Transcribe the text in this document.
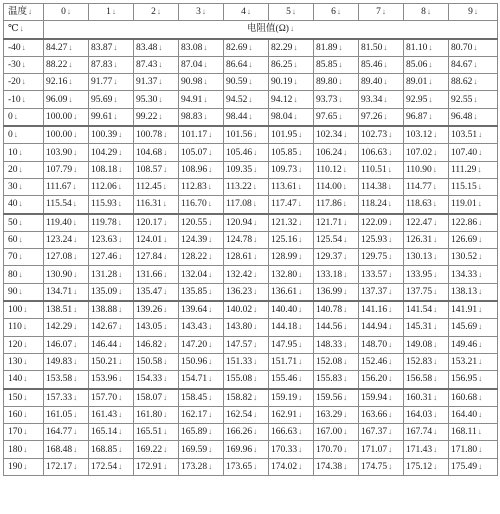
温度↓	0↓	1↓	2↓	3↓	4↓	5↓	6↓	7↓	8↓	9↓
℃↓	电阻值(Ω)↓									
-40↓	84.27↓	83.87↓	83.48↓	83.08↓	82.69↓	82.29↓	81.89↓	81.50↓	81.10↓	80.70↓
-30↓	88.22↓	87.83↓	87.43↓	87.04↓	86.64↓	86.25↓	85.85↓	85.46↓	85.06↓	84.67↓
-20↓	92.16↓	91.77↓	91.37↓	90.98↓	90.59↓	90.19↓	89.80↓	89.40↓	89.01↓	88.62↓
-10↓	96.09↓	95.69↓	95.30↓	94.91↓	94.52↓	94.12↓	93.73↓	93.34↓	92.95↓	92.55↓
0↓	100.00↓	99.61↓	99.22↓	98.83↓	98.44↓	98.04↓	97.65↓	97.26↓	96.87↓	96.48↓
0↓	100.00↓	100.39↓	100.78↓	101.17↓	101.56↓	101.95↓	102.34↓	102.73↓	103.12↓	103.51↓
10↓	103.90↓	104.29↓	104.68↓	105.07↓	105.46↓	105.85↓	106.24↓	106.63↓	107.02↓	107.40↓
20↓	107.79↓	108.18↓	108.57↓	108.96↓	109.35↓	109.73↓	110.12↓	110.51↓	110.90↓	111.29↓
30↓	111.67↓	112.06↓	112.45↓	112.83↓	113.22↓	113.61↓	114.00↓	114.38↓	114.77↓	115.15↓
40↓	115.54↓	115.93↓	116.31↓	116.70↓	117.08↓	117.47↓	117.86↓	118.24↓	118.63↓	119.01↓
50↓	119.40↓	119.78↓	120.17↓	120.55↓	120.94↓	121.32↓	121.71↓	122.09↓	122.47↓	122.86↓
60↓	123.24↓	123.63↓	124.01↓	124.39↓	124.78↓	125.16↓	125.54↓	125.93↓	126.31↓	126.69↓
70↓	127.08↓	127.46↓	127.84↓	128.22↓	128.61↓	128.99↓	129.37↓	129.75↓	130.13↓	130.52↓
80↓	130.90↓	131.28↓	131.66↓	132.04↓	132.42↓	132.80↓	133.18↓	133.57↓	133.95↓	134.33↓
90↓	134.71↓	135.09↓	135.47↓	135.85↓	136.23↓	136.61↓	136.99↓	137.37↓	137.75↓	138.13↓
100↓	138.51↓	138.88↓	139.26↓	139.64↓	140.02↓	140.40↓	140.78↓	141.16↓	141.54↓	141.91↓
110↓	142.29↓	142.67↓	143.05↓	143.43↓	143.80↓	144.18↓	144.56↓	144.94↓	145.31↓	145.69↓
120↓	146.07↓	146.44↓	146.82↓	147.20↓	147.57↓	147.95↓	148.33↓	148.70↓	149.08↓	149.46↓
130↓	149.83↓	150.21↓	150.58↓	150.96↓	151.33↓	151.71↓	152.08↓	152.46↓	152.83↓	153.21↓
140↓	153.58↓	153.96↓	154.33↓	154.71↓	155.08↓	155.46↓	155.83↓	156.20↓	156.58↓	156.95↓
150↓	157.33↓	157.70↓	158.07↓	158.45↓	158.82↓	159.19↓	159.56↓	159.94↓	160.31↓	160.68↓
160↓	161.05↓	161.43↓	161.80↓	162.17↓	162.54↓	162.91↓	163.29↓	163.66↓	164.03↓	164.40↓
170↓	164.77↓	165.14↓	165.51↓	165.89↓	166.26↓	166.63↓	167.00↓	167.37↓	167.74↓	168.11↓
180↓	168.48↓	168.85↓	169.22↓	169.59↓	169.96↓	170.33↓	170.70↓	171.07↓	171.43↓	171.80↓
190↓	172.17↓	172.54↓	172.91↓	173.28↓	173.65↓	174.02↓	174.38↓	174.75↓	175.12↓	175.49↓
